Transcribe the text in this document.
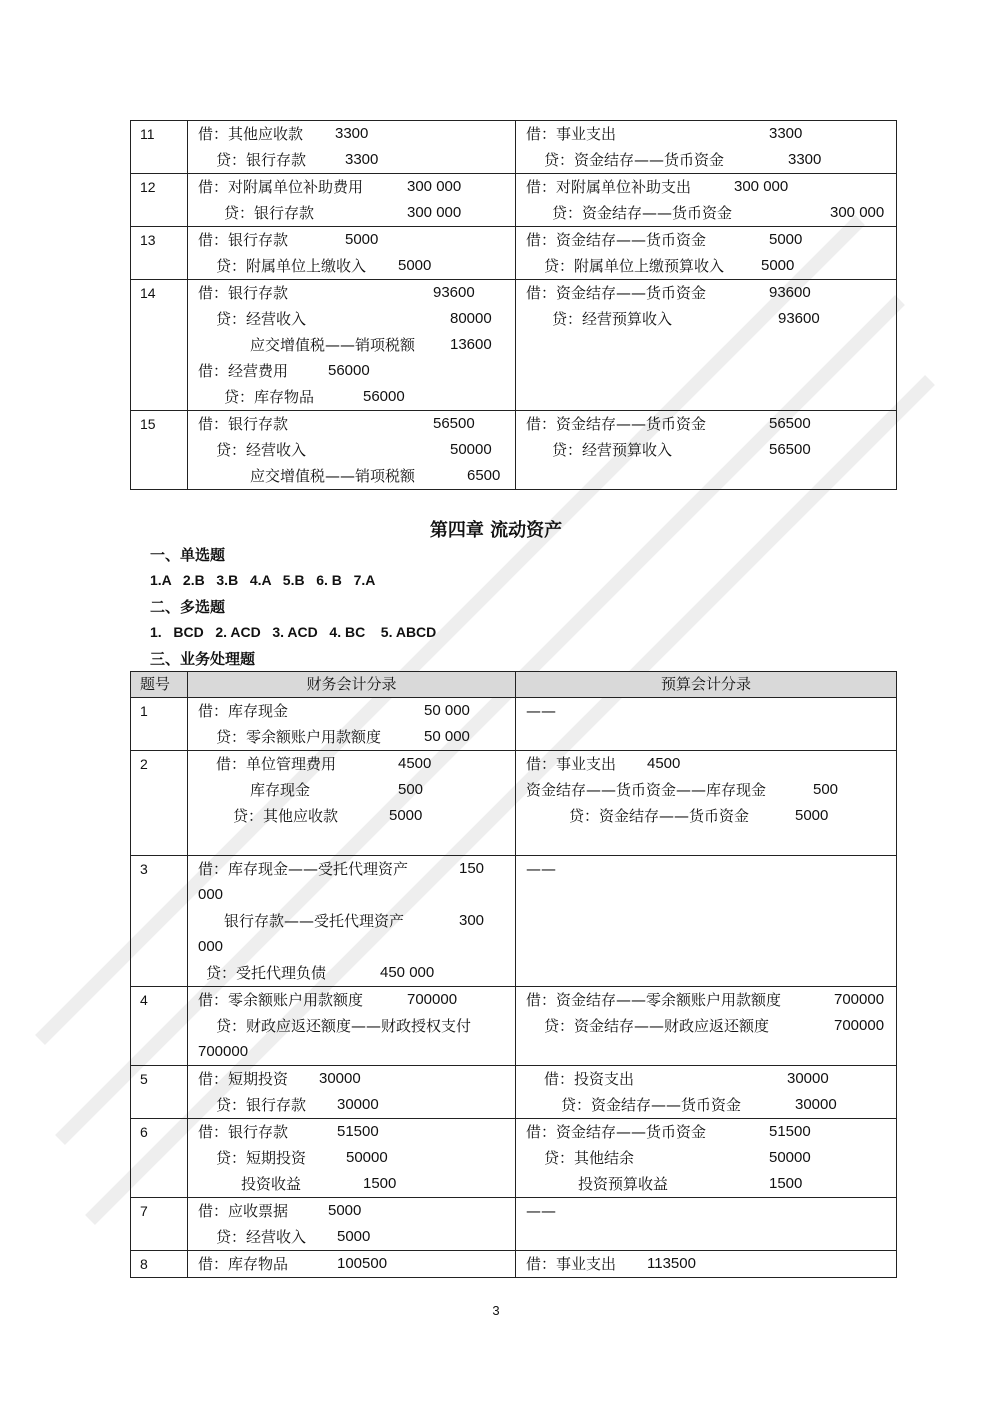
11	借：其他应收款 3300
贷：银行存款	3300

借：事业支出	3300
贷：资金结存——货币资金	3300

12	借：对附属单位补助费用	300 000
贷：银行存款	300 000

借：对附属单位补助支出	300 000
贷：资金结存——货币资金	300 000

13	借：银行存款	5000
贷：附属单位上缴收入 5000

借：资金结存——货币资金	5000
贷：附属单位上缴预算收入 5000

14	借：银行存款	93600
贷：经营收入	80000
应交增值税——销项税额 13600
借：经营费用	56000
贷：库存物品	56000

借：资金结存——货币资金	93600
贷：经营预算收入	93600

15	借：银行存款	56500
贷：经营收入	50000
应交增值税——销项税额	6500

借：资金结存——货币资金	56500
贷：经营预算收入	56500
第四章 流动资产
一、单选题
1.A   2.B   3.B   4.A   5.B   6. B   7.A
二、多选题
1.   BCD   2. ACD   3. ACD   4. BC    5. ABCD
三、业务处理题
题号	财务会计分录	预算会计分录
1	借：库存现金 50 000
贷：零余额账户用款额度 50 000	——

2	借：单位管理费用	4500
库存现金	500
贷：其他应收款	5000

借：事业支出 4500
资金结存——货币资金——库存现金	500
贷：资金结存——货币资金	5000

3	借：库存现金——受托代理资产	150
000
银行存款——受托代理资产	300
000
贷：受托代理负债	450 000

——

4	借：零余额账户用款额度	700000
贷：财政应返还额度——财政授权支付
700000

借：资金结存——零余额账户用款额度	700000
贷：资金结存——财政应返还额度	700000

5	借：短期投资 30000
贷：银行存款 30000

借：投资支出	30000
贷：资金结存——货币资金	30000

6	借：银行存款	51500
贷：短期投资	50000
投资收益	1500

借：资金结存——货币资金	51500
贷：其他结余	50000
投资预算收益	1500

7	借：应收票据 5000
贷：经营收入 5000	——

8	借：库存物品 100500	借：事业支出 113500
3
